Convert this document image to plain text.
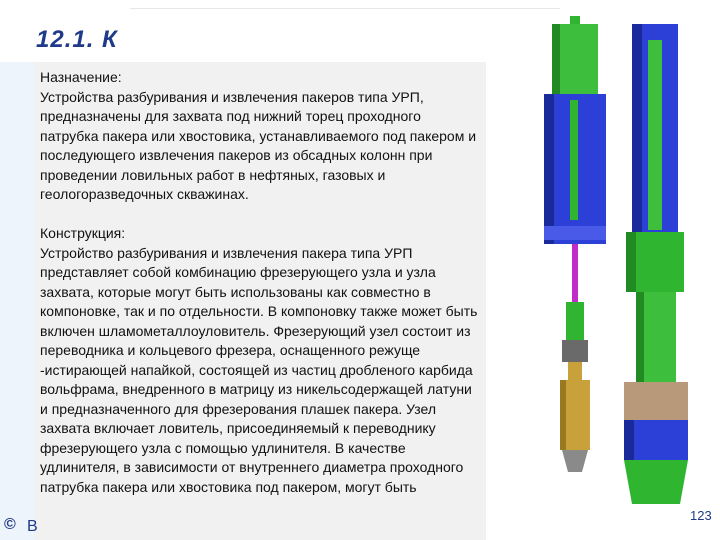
12.1. К
Назначение:
Устройства разбуривания и извлечения пакеров типа УРП, предназначены для захвата под нижний торец проходного патрубка пакера или хвостовика, устанавливаемого под пакером и последующего извлечения пакеров из обсадных колонн при проведении ловильных работ в нефтяных, газовых и геологоразведочных скважинах.
Конструкция:
Устройство разбуривания и извлечения пакера типа УРП представляет собой комбинацию фрезерующего узла и узла захвата, которые могут быть использованы как совместно в компоновке, так и по отдельности. В компоновку также может быть включен шламометаллоуловитель. Фрезерующий узел состоит из переводника и кольцевого фрезера, оснащенного режуще -истирающей напайкой, состоящей из частиц дробленого карбида вольфрама, внедренного в матрицу из никельсодержащей латуни и предназначенного для фрезерования плашек пакера. Узел захвата включает ловитель, присоединяемый к переводнику фрезерующего узла с помощью удлинителя. В качестве удлинителя, в зависимости от внутреннего диаметра проходного патрубка пакера или хвостовика под пакером, могут быть
© В
123
